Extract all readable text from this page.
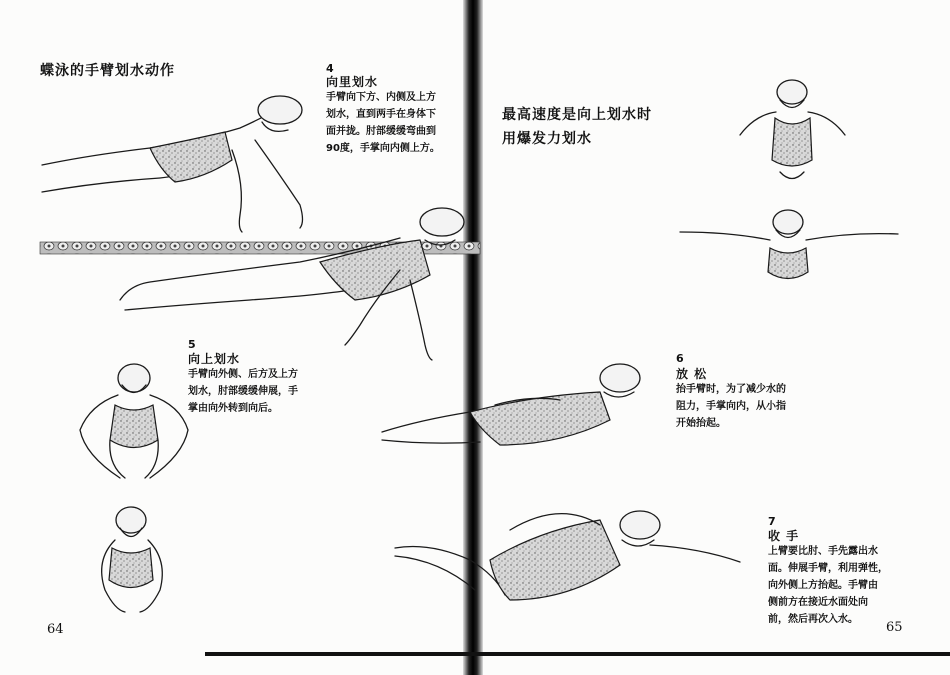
蝶泳的手臂划水动作	4
向里划水
手臂向下方、内侧及上方
划水，直到两手在身体下
面并拢。肘部缓缓弯曲到
90度，手掌向内侧上方。
5
向上划水
手臂向外侧、后方及上方
划水，肘部缓缓伸展，手
掌由向外转到向后。
64
最高速度是向上划水时
用爆发力划水
6
放 松
抬手臂时，为了减少水的
阻力，手掌向内，从小指
开始抬起。
7
收 手
上臂要比肘、手先露出水
面。伸展手臂，利用弹性，
向外侧上方抬起。手臂由
侧前方在接近水面处向
前，然后再次入水。
65
